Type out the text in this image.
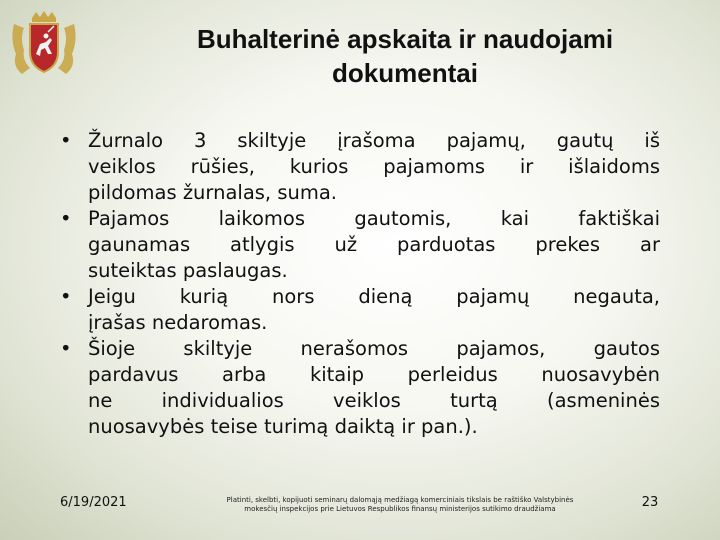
Buhalterinė apskaita ir naudojami
dokumentai
• Žurnalo 3 skiltyje įrašoma pajamų, gautų iš
veiklos rūšies, kurios pajamoms ir išlaidoms
pildomas žurnalas, suma.
• Pajamos laikomos gautomis, kai faktiškai
gaunamas atlygis už parduotas prekes ar
suteiktas paslaugas.
• Jeigu kurią nors dieną pajamų negauta,
įrašas nedaromas.
• Šioje skiltyje nerašomos pajamos, gautos
pardavus arba kitaip perleidus nuosavybėn
ne individualios veiklos turtą (asmeninės
nuosavybės teise turimą daiktą ir pan.).
6/19/2021	Platinti, skelbti, kopijuoti seminarų dalomąją medžiagą komerciniais tikslais be raštiško Valstybinės
mokesčių inspekcijos prie Lietuvos Respublikos finansų ministerijos sutikimo draudžiama	23
